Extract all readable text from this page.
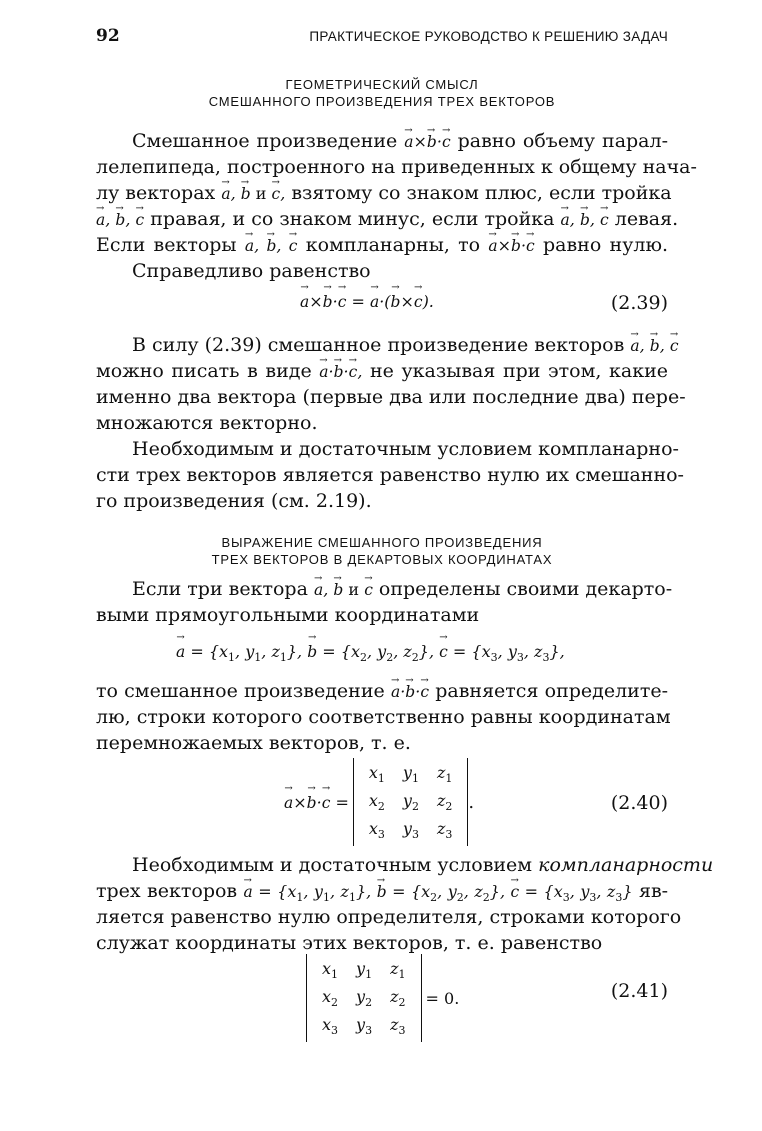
92	ПРАКТИЧЕСКОЕ РУКОВОДСТВО К РЕШЕНИЮ ЗАДАЧ
ГЕОМЕТРИЧЕСКИЙ СМЫСЛ
СМЕШАННОГО ПРОИЗВЕДЕНИЯ ТРЕХ ВЕКТОРОВ
Смешанное произведение → a×→ b·→ c равно объему парал-
лелепипеда, построенного на приведенных к общему нача-
лу векторах → a, → b и → c, взятому со знаком плюс, если тройка
→ a, → b, → c правая, и со знаком минус, если тройка → a, → b, → c левая.
Если векторы → a, → b, → c компланарны, то → a×→ b·→ c равно нулю.
Справедливо равенство
→ a×→ b·→ c = → a·(→ b×→ c).	(2.39)
В силу (2.39) смешанное произведение векторов → a, → b, → c
можно писать в виде → a·→ b·→ c, не указывая при этом, какие
именно два вектора (первые два или последние два) пере-
множаются векторно.
Необходимым и достаточным условием компланарно-
сти трех векторов является равенство нулю их смешанно-
го произведения (см. 2.19).
ВЫРАЖЕНИЕ СМЕШАННОГО ПРОИЗВЕДЕНИЯ
ТРЕХ ВЕКТОРОВ В ДЕКАРТОВЫХ КООРДИНАТАХ
Если три вектора → a, → b и → c определены своими декарто-
выми прямоугольными координатами
→ $a = \{x_1$, $y_1$, $z_1$}, → $b = \{x_2$, $y_2$, $z_2$}, → $c = \{x_3$, $y_3$, $z_3$},
то смешанное произведение → a·→ b·→ c равняется определите-
лю, строки которого соответственно равны координатам
перемножаемых векторов, т. е.
→ a×→ b·→ c =
$x_1$	$y_1$	$z_1$
$x_2$	$y_2$	$z_2$
$x_3$	$y_3$	$z_3$
.	(2.40)
Необходимым и достаточным условием компланарности
трех векторов → $a = \{x_1$, $y_1$, $z_1$}, → $b = \{x_2$, $y_2$, $z_2$}, → $c = \{x_3$, $y_3$, $z_3$} яв-
ляется равенство нулю определителя, строками которого
служат координаты этих векторов, т. е. равенство
$x_1$	$y_1$	$z_1$
$x_2$	$y_2$	$z_2$
$x_3$	$y_3$	$z_3$
= 0.	(2.41)
